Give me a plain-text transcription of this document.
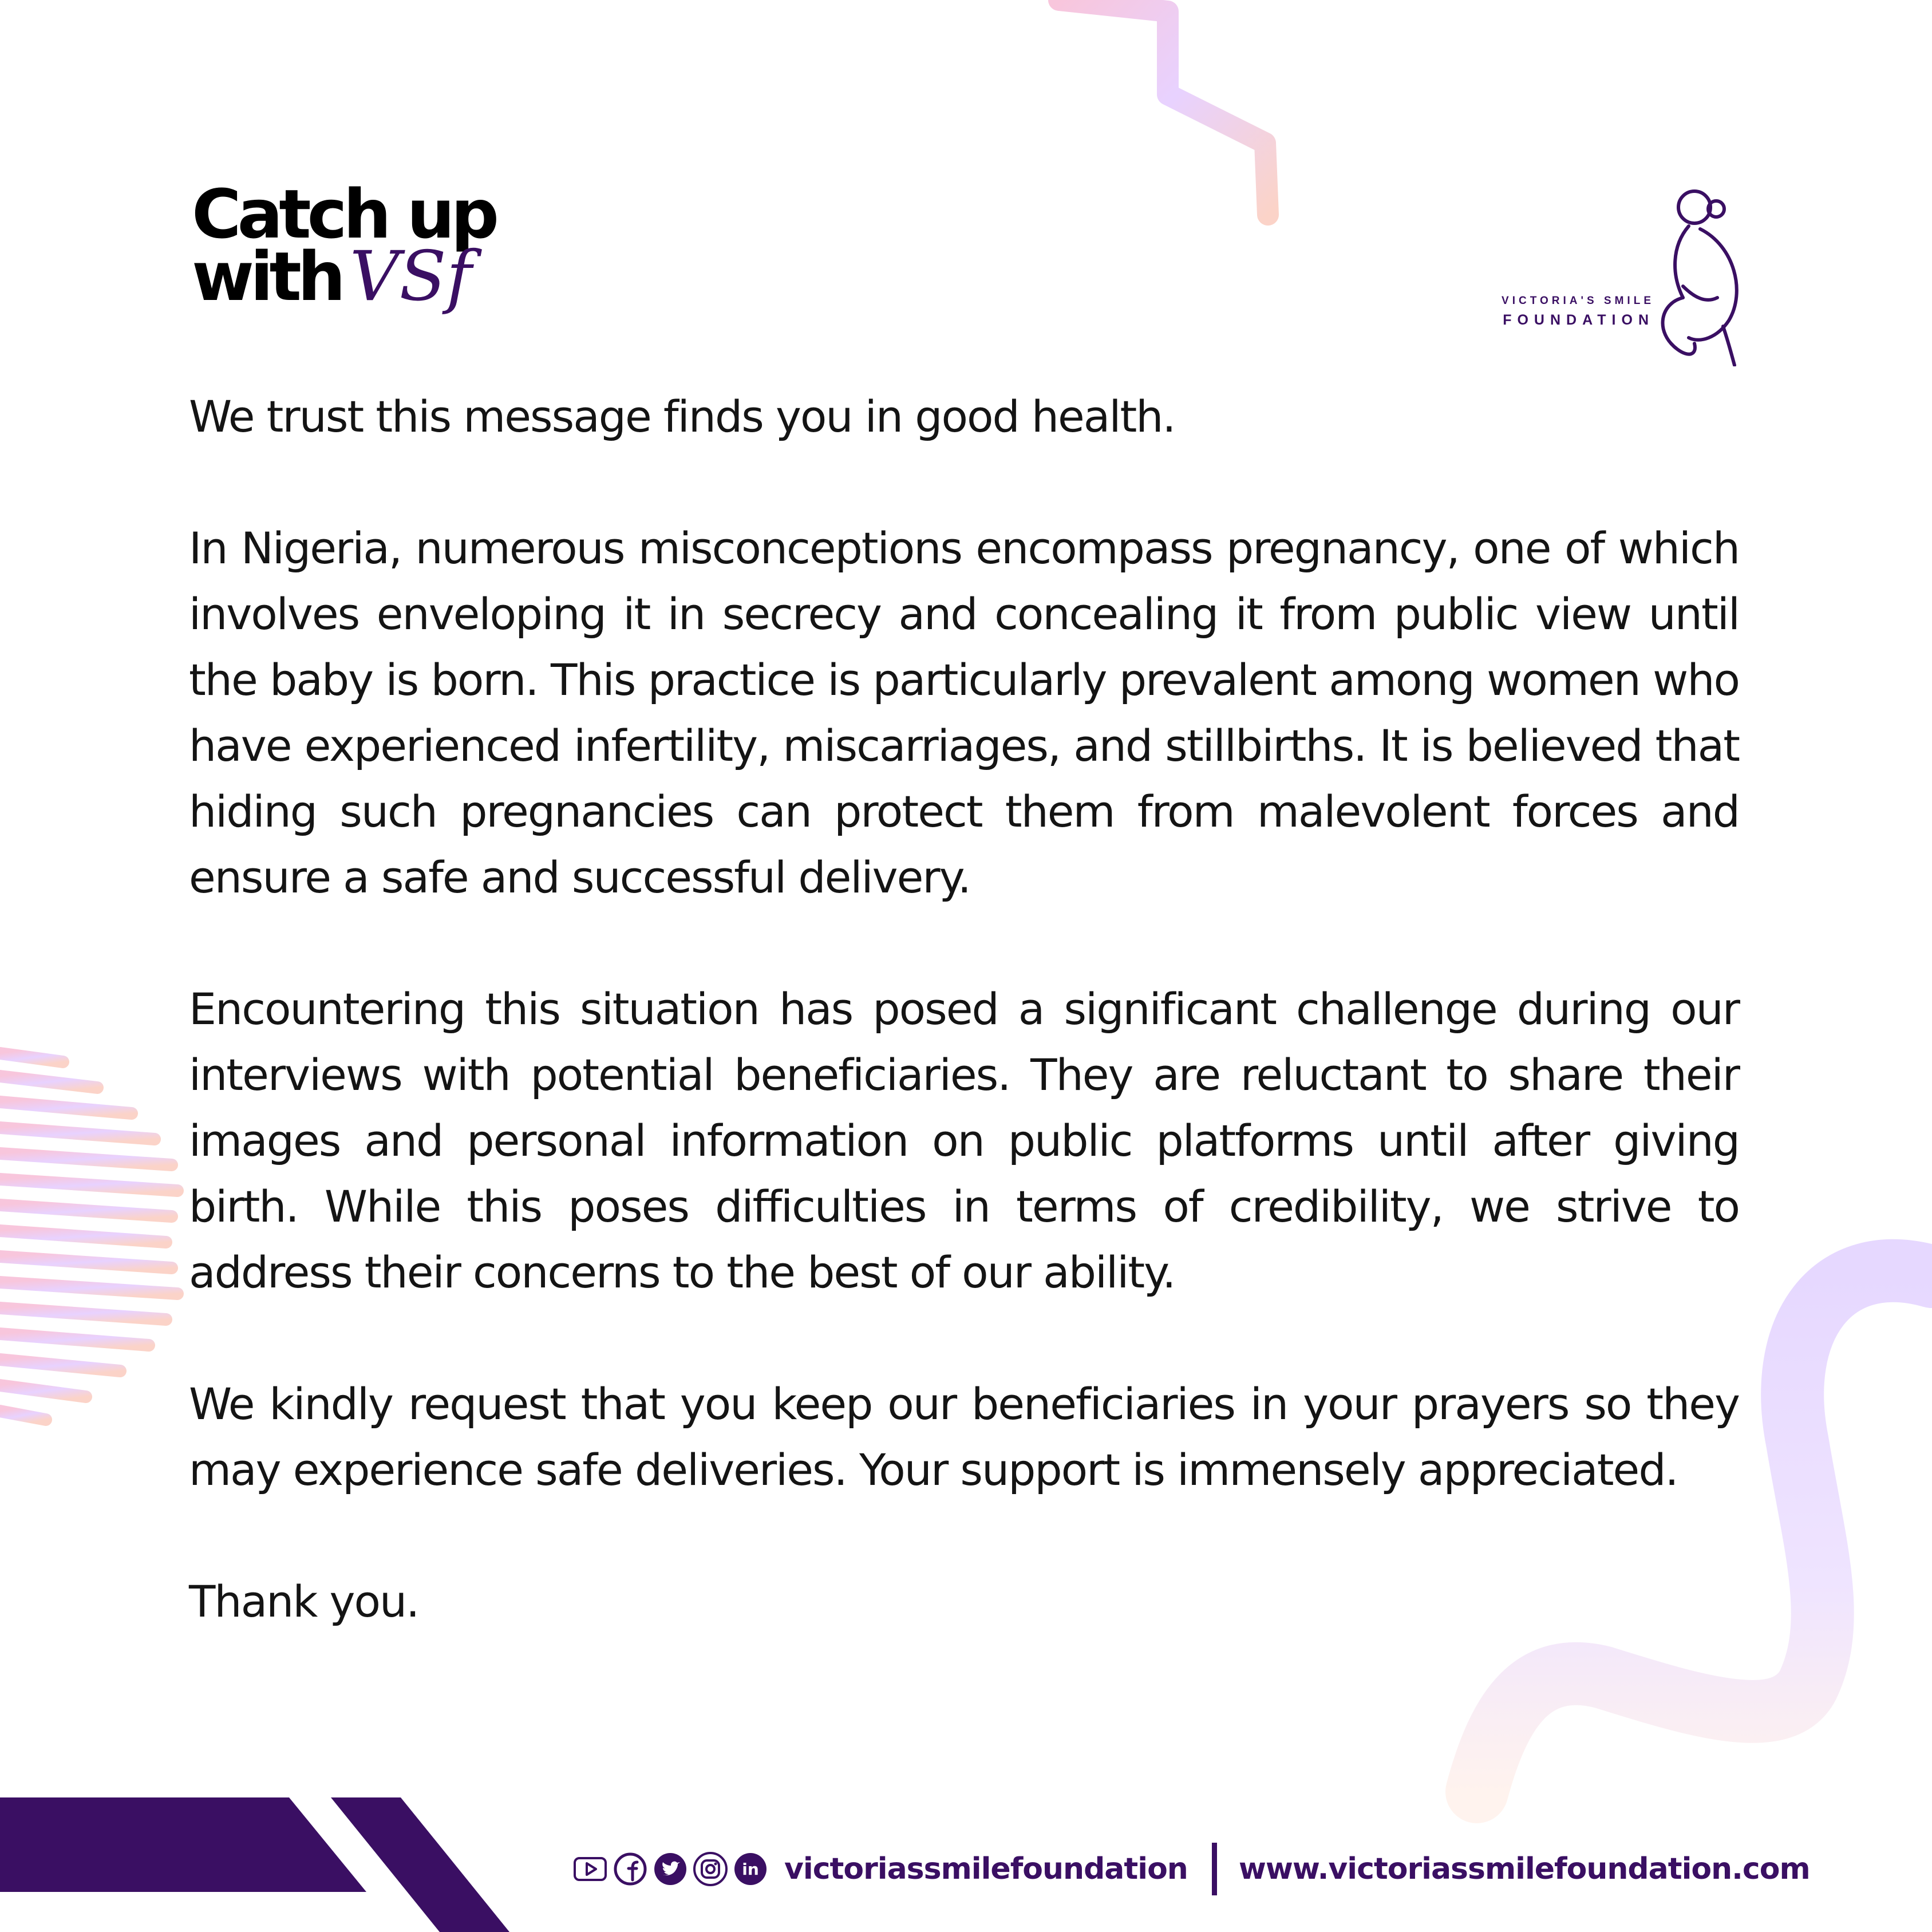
Catch up
with VSf	VICTORIA'S SMILE
FOUNDATION

We trust this message finds you in good health.

In Nigeria, numerous misconceptions encompass pregnancy, one of which involves enveloping it in secrecy and concealing it from public view until the baby is born. This practice is particularly prevalent among women who have experienced infertility, miscarriages, and stillbirths. It is believed that hiding such pregnancies can protect them from malevolent forces and ensure a safe and successful delivery.

Encountering this situation has posed a significant challenge during our interviews with potential beneficiaries. They are reluctant to share their images and personal information on public platforms until after giving birth. While this poses difficulties in terms of credibility, we strive to address their concerns to the best of our ability.

We kindly request that you keep our beneficiaries in your prayers so they may experience safe deliveries. Your support is immensely appreciated.

Thank you.

in victoriassmilefoundation www.victoriassmilefoundation.com
